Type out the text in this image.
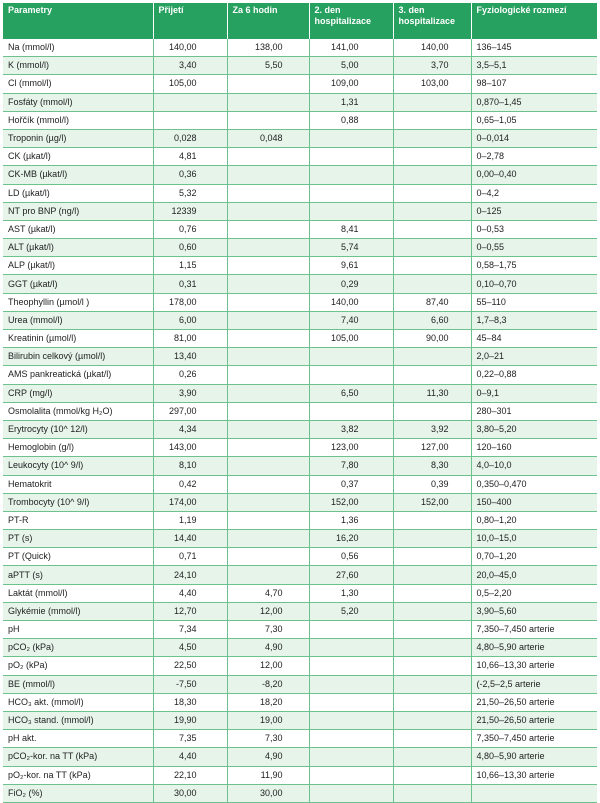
Parametry	Přijetí	Za 6 hodin	2. den hospitalizace	3. den hospitalizace	Fyziologické rozmezí
Na (mmol/l)	140,00	138,00	141,00	140,00	136–145
K (mmol/l)	3,40	5,50	5,00	3,70	3,5–5,1
Cl (mmol/l)	105,00		109,00	103,00	98–107
Fosfáty (mmol/l)			1,31		0,870–1,45
Hořčík (mmol/l)			0,88		0,65–1,05
Troponin (µg/l)	0,028	0,048			0–0,014
CK (µkat/l)	4,81				0–2,78
CK-MB (µkat/l)	0,36				0,00–0,40
LD (µkat/l)	5,32				0–4,2
NT pro BNP (ng/l)	12339				0–125
AST (µkat/l)	0,76		8,41		0–0,53
ALT (µkat/l)	0,60		5,74		0–0,55
ALP (µkat/l)	1,15		9,61		0,58–1,75
GGT (µkat/l)	0,31		0,29		0,10–0,70
Theophyllin (µmol/l )	178,00		140,00	87,40	55–110
Urea (mmol/l)	6,00		7,40	6,60	1,7–8,3
Kreatinin (µmol/l)	81,00		105,00	90,00	45–84
Bilirubin celkový (µmol/l)	13,40				2,0–21
AMS pankreatická (µkat/l)	0,26				0,22–0,88
CRP (mg/l)	3,90		6,50	11,30	0–9,1
Osmolalita (mmol/kg H₂O)	297,00				280–301
Erytrocyty (10^ 12/l)	4,34		3,82	3,92	3,80–5,20
Hemoglobin (g/l)	143,00		123,00	127,00	120–160
Leukocyty (10^ 9/l)	8,10		7,80	8,30	4,0–10,0
Hematokrit	0,42		0,37	0,39	0,350–0,470
Trombocyty (10^ 9/l)	174,00		152,00	152,00	150–400
PT-R	1,19		1,36		0,80–1,20
PT (s)	14,40		16,20		10,0–15,0
PT (Quick)	0,71		0,56		0,70–1,20
aPTT (s)	24,10		27,60		20,0–45,0
Laktát (mmol/l)	4,40	4,70	1,30		0,5–2,20
Glykémie (mmol/l)	12,70	12,00	5,20		3,90–5,60
pH	7,34	7,30			7,350–7,450 arterie
pCO₂ (kPa)	4,50	4,90			4,80–5,90 arterie
pO₂ (kPa)	22,50	12,00			10,66–13,30 arterie
BE (mmol/l)	-7,50	-8,20			(-2,5–2,5 arterie
HCO₃ akt. (mmol/l)	18,30	18,20			21,50–26,50 arterie
HCO₃ stand. (mmol/l)	19,90	19,00			21,50–26,50 arterie
pH akt.	7,35	7,30			7,350–7,450 arterie
pCO₂-kor. na TT (kPa)	4,40	4,90			4,80–5,90 arterie
pO₂-kor. na TT (kPa)	22,10	11,90			10,66–13,30 arterie
FiO₂ (%)	30,00	30,00			
